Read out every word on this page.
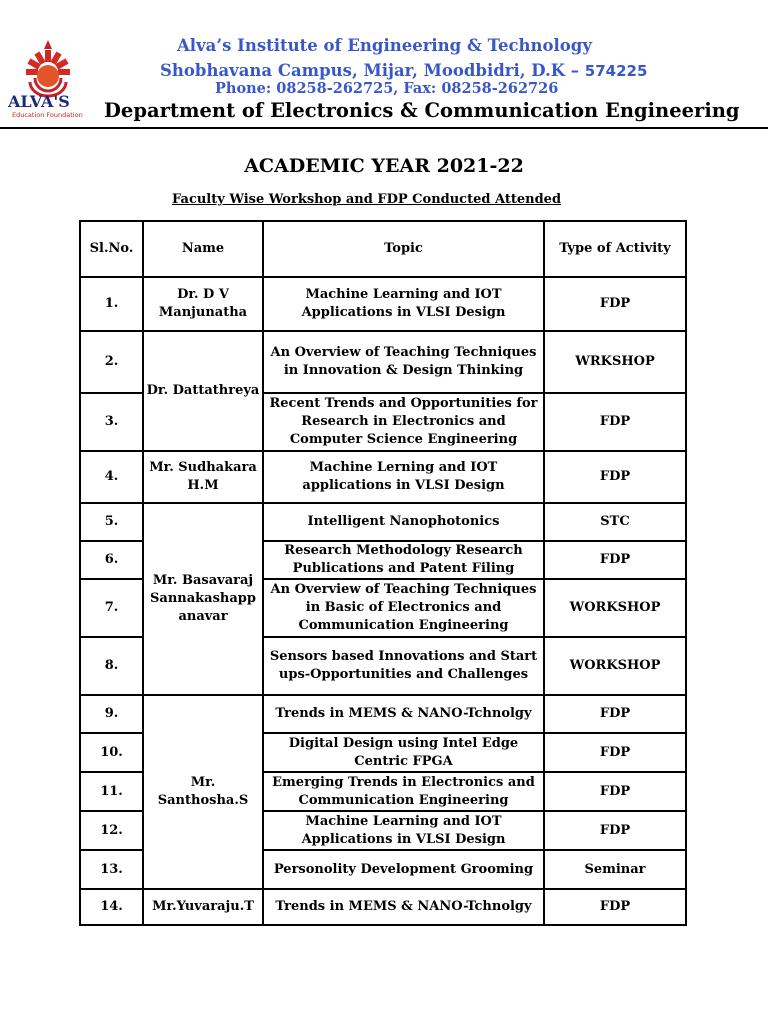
ALVA'S
Education Foundation
Alva’s Institute of Engineering & Technology
Shobhavana Campus, Mijar, Moodbidri, D.K – 574225
Phone: 08258-262725, Fax: 08258-262726
Department of Electronics & Communication Engineering
ACADEMIC YEAR 2021-22
Faculty Wise Workshop and FDP Conducted Attended
Sl.No.	Name	Topic	Type of Activity
1.	Dr. D V Manjunatha	Machine Learning and IOT Applications in VLSI Design	FDP
2.	Dr. Dattathreya	An Overview of Teaching Techniques in Innovation & Design Thinking	WRKSHOP
3.		Recent Trends and Opportunities for Research in Electronics and Computer Science Engineering	FDP
4.	Mr. Sudhakara H.M	Machine Lerning and IOT applications in VLSI Design	FDP
5.	Mr. Basavaraj Sannakashapp anavar	Intelligent Nanophotonics	STC
6.		Research Methodology Research Publications and Patent Filing	FDP
7.		An Overview of Teaching Techniques in Basic of Electronics and Communication Engineering	WORKSHOP
8.		Sensors based Innovations and Start ups-Opportunities and Challenges	WORKSHOP
9.	Mr. Santhosha.S	Trends in MEMS & NANO-Tchnolgy	FDP
10.		Digital Design using Intel Edge Centric FPGA	FDP
11.		Emerging Trends in Electronics and Communication Engineering	FDP
12.		Machine Learning and IOT Applications in VLSI Design	FDP
13.		Personolity Development Grooming	Seminar
14.	Mr.Yuvaraju.T	Trends in MEMS & NANO-Tchnolgy	FDP
